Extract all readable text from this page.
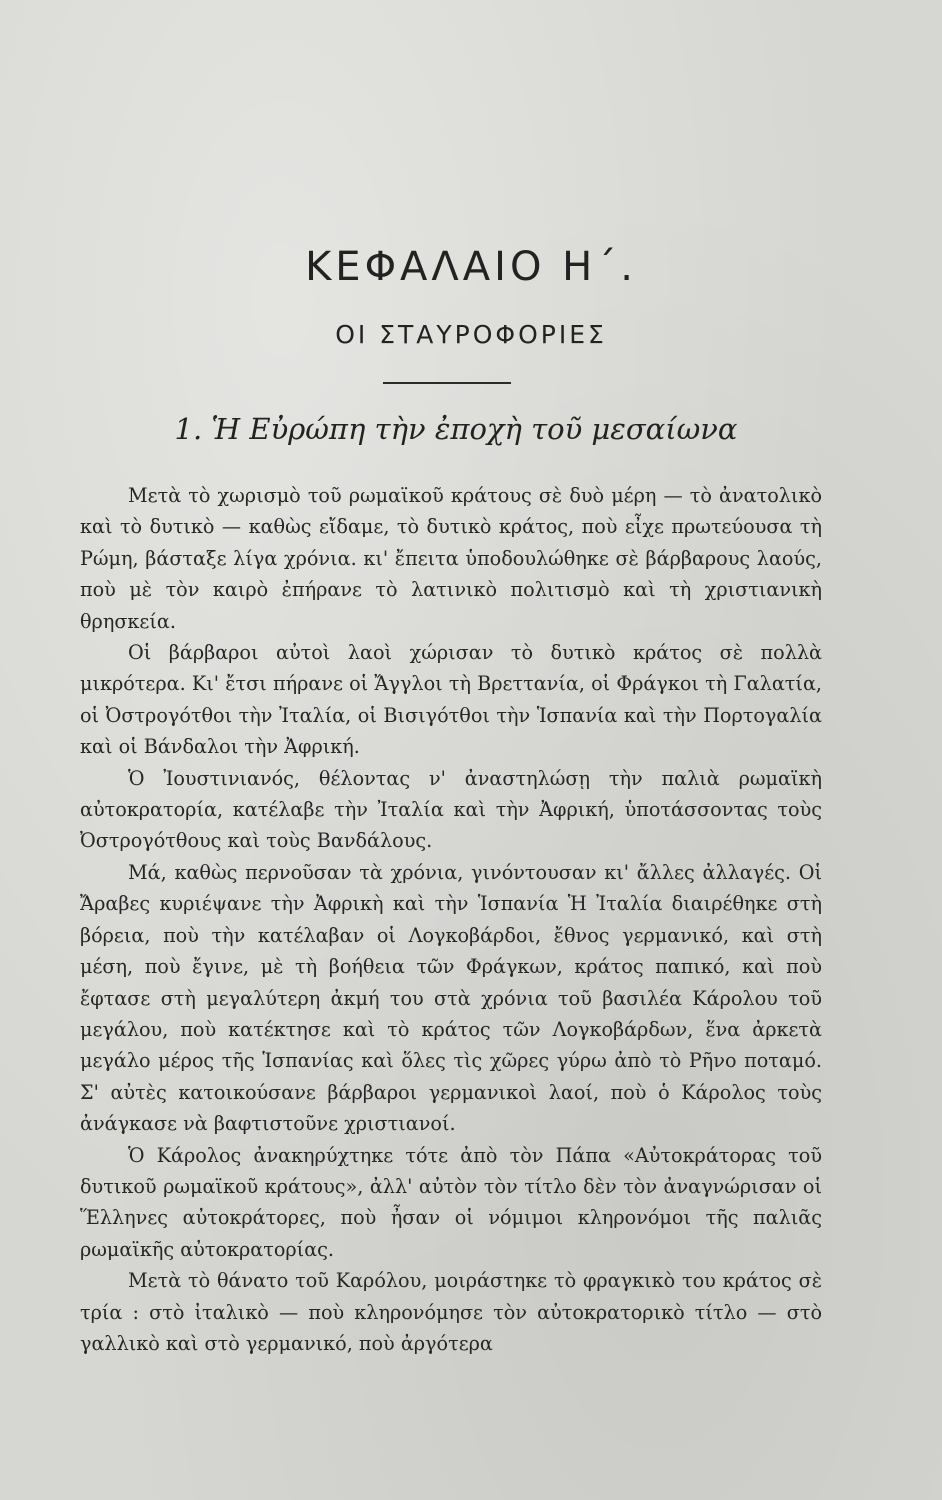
ΚΕΦΑΛΑΙΟ Η΄.
ΟΙ ΣΤΑΥΡΟΦΟΡΙΕΣ
1. Ἡ Εὐρώπη τὴν ἐποχὴ τοῦ μεσαίωνα

Μετὰ τὸ χωρισμὸ τοῦ ρωμαϊκοῦ κράτους σὲ δυὸ μέρη — τὸ ἀνατολικὸ καὶ τὸ δυτικὸ — καθὼς εἴδαμε, τὸ δυτικὸ κράτος, ποὺ εἶχε πρωτεύουσα τὴ Ρώμη, βάσταξε λίγα χρόνια. κι' ἔπειτα ὑποδουλώθηκε σὲ βάρβαρους λαούς, ποὺ μὲ τὸν καιρὸ ἐπήρανε τὸ λατινικὸ πολιτισμὸ καὶ τὴ χριστιανικὴ θρησκεία.

Οἱ βάρβαροι αὐτοὶ λαοὶ χώρισαν τὸ δυτικὸ κράτος σὲ πολλὰ μικρότερα. Κι' ἔτσι πήρανε οἱ Ἄγγλοι τὴ Βρεττανία, οἱ Φράγκοι τὴ Γαλατία, οἱ Ὀστρογότθοι τὴν Ἰταλία, οἱ Βισιγότθοι τὴν Ἱσπανία καὶ τὴν Πορτογαλία καὶ οἱ Βάνδαλοι τὴν Ἀφρική.

Ὁ Ἰουστινιανός, θέλοντας ν' ἀναστηλώσῃ τὴν παλιὰ ρωμαϊκὴ αὐτοκρατορία, κατέλαβε τὴν Ἰταλία καὶ τὴν Ἀφρική, ὑποτάσσοντας τοὺς Ὀστρογότθους καὶ τοὺς Βανδάλους.

Μά, καθὼς περνοῦσαν τὰ χρόνια, γινόντουσαν κι' ἄλλες ἀλλαγές. Οἱ Ἄραβες κυριέψανε τὴν Ἀφρικὴ καὶ τὴν Ἱσπανία Ἡ Ἰταλία διαιρέθηκε στὴ βόρεια, ποὺ τὴν κατέλαβαν οἱ Λογκοβάρδοι, ἔθνος γερμανικό, καὶ στὴ μέση, ποὺ ἔγινε, μὲ τὴ βοήθεια τῶν Φράγκων, κράτος παπικό, καὶ ποὺ ἔφτασε στὴ μεγαλύτερη ἀκμή του στὰ χρόνια τοῦ βασιλέα Κάρολου τοῦ μεγάλου, ποὺ κατέκτησε καὶ τὸ κράτος τῶν Λογκοβάρδων, ἕνα ἀρκετὰ μεγάλο μέρος τῆς Ἱσπανίας καὶ ὅλες τὶς χῶρες γύρω ἀπὸ τὸ Ρῆνο ποταμό. Σ' αὐτὲς κατοικούσανε βάρβαροι γερμανικοὶ λαοί, ποὺ ὁ Κάρολος τοὺς ἀνάγκασε νὰ βαφτιστοῦνε χριστιανοί.

Ὁ Κάρολος ἀνακηρύχτηκε τότε ἀπὸ τὸν Πάπα «Αὐτοκράτορας τοῦ δυτικοῦ ρωμαϊκοῦ κράτους», ἀλλ' αὐτὸν τὸν τίτλο δὲν τὸν ἀναγνώρισαν οἱ Ἕλληνες αὐτοκράτορες, ποὺ ἦσαν οἱ νόμιμοι κληρονόμοι τῆς παλιᾶς ρωμαϊκῆς αὐτοκρατορίας.

Μετὰ τὸ θάνατο τοῦ Καρόλου, μοιράστηκε τὸ φραγκικὸ του κράτος σὲ τρία : στὸ ἰταλικὸ — ποὺ κληρονόμησε τὸν αὐτοκρατορικὸ τίτλο — στὸ γαλλικὸ καὶ στὸ γερμανικό, ποὺ ἀργότερα
